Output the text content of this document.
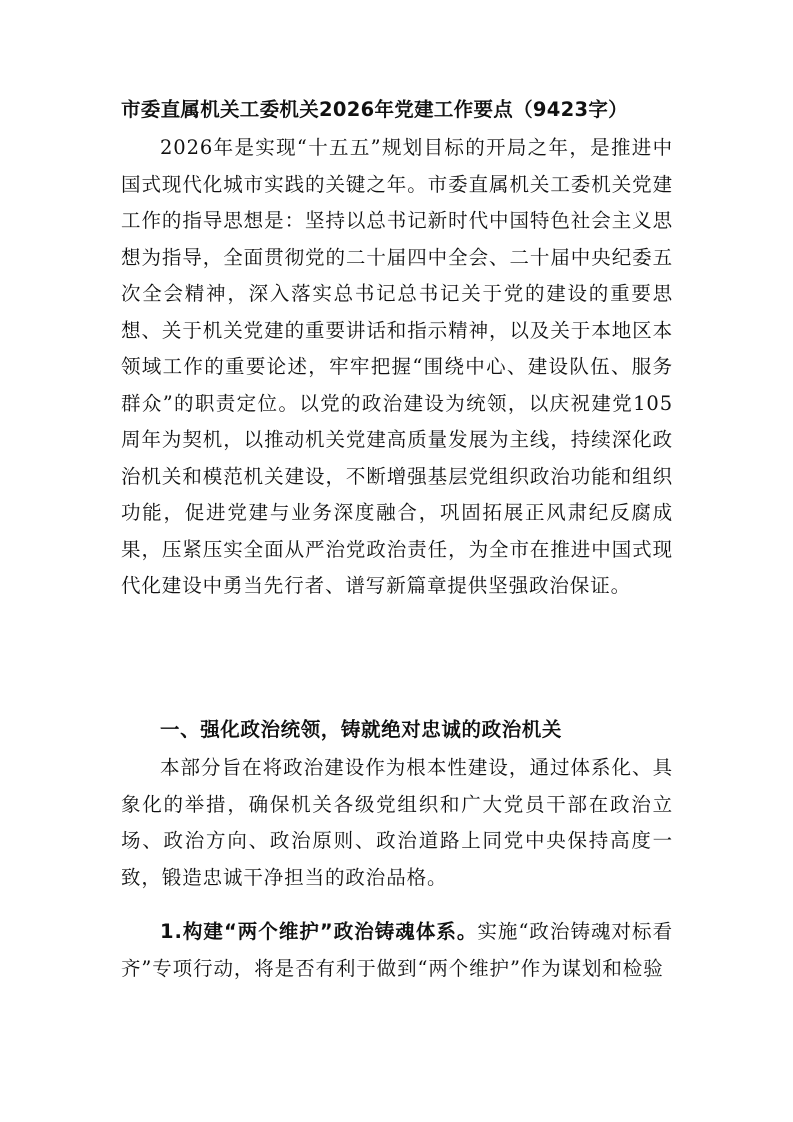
市委直属机关工委机关2026年党建工作要点（9423字）

2026年是实现“十五五”规划目标的开局之年，是推进中国式现代化城市实践的关键之年。市委直属机关工委机关党建工作的指导思想是：坚持以总书记新时代中国特色社会主义思想为指导，全面贯彻党的二十届四中全会、二十届中央纪委五次全会精神，深入落实总书记总书记关于党的建设的重要思想、关于机关党建的重要讲话和指示精神，以及关于本地区本领域工作的重要论述，牢牢把握“围绕中心、建设队伍、服务群众”的职责定位。以党的政治建设为统领，以庆祝建党105周年为契机，以推动机关党建高质量发展为主线，持续深化政治机关和模范机关建设，不断增强基层党组织政治功能和组织功能，促进党建与业务深度融合，巩固拓展正风肃纪反腐成果，压紧压实全面从严治党政治责任，为全市在推进中国式现代化建设中勇当先行者、谱写新篇章提供坚强政治保证。

一、强化政治统领，铸就绝对忠诚的政治机关

本部分旨在将政治建设作为根本性建设，通过体系化、具象化的举措，确保机关各级党组织和广大党员干部在政治立场、政治方向、政治原则、政治道路上同党中央保持高度一致，锻造忠诚干净担当的政治品格。

1.构建“两个维护”政治铸魂体系。实施“政治铸魂对标看齐”专项行动，将是否有利于做到“两个维护”作为谋划和检验
